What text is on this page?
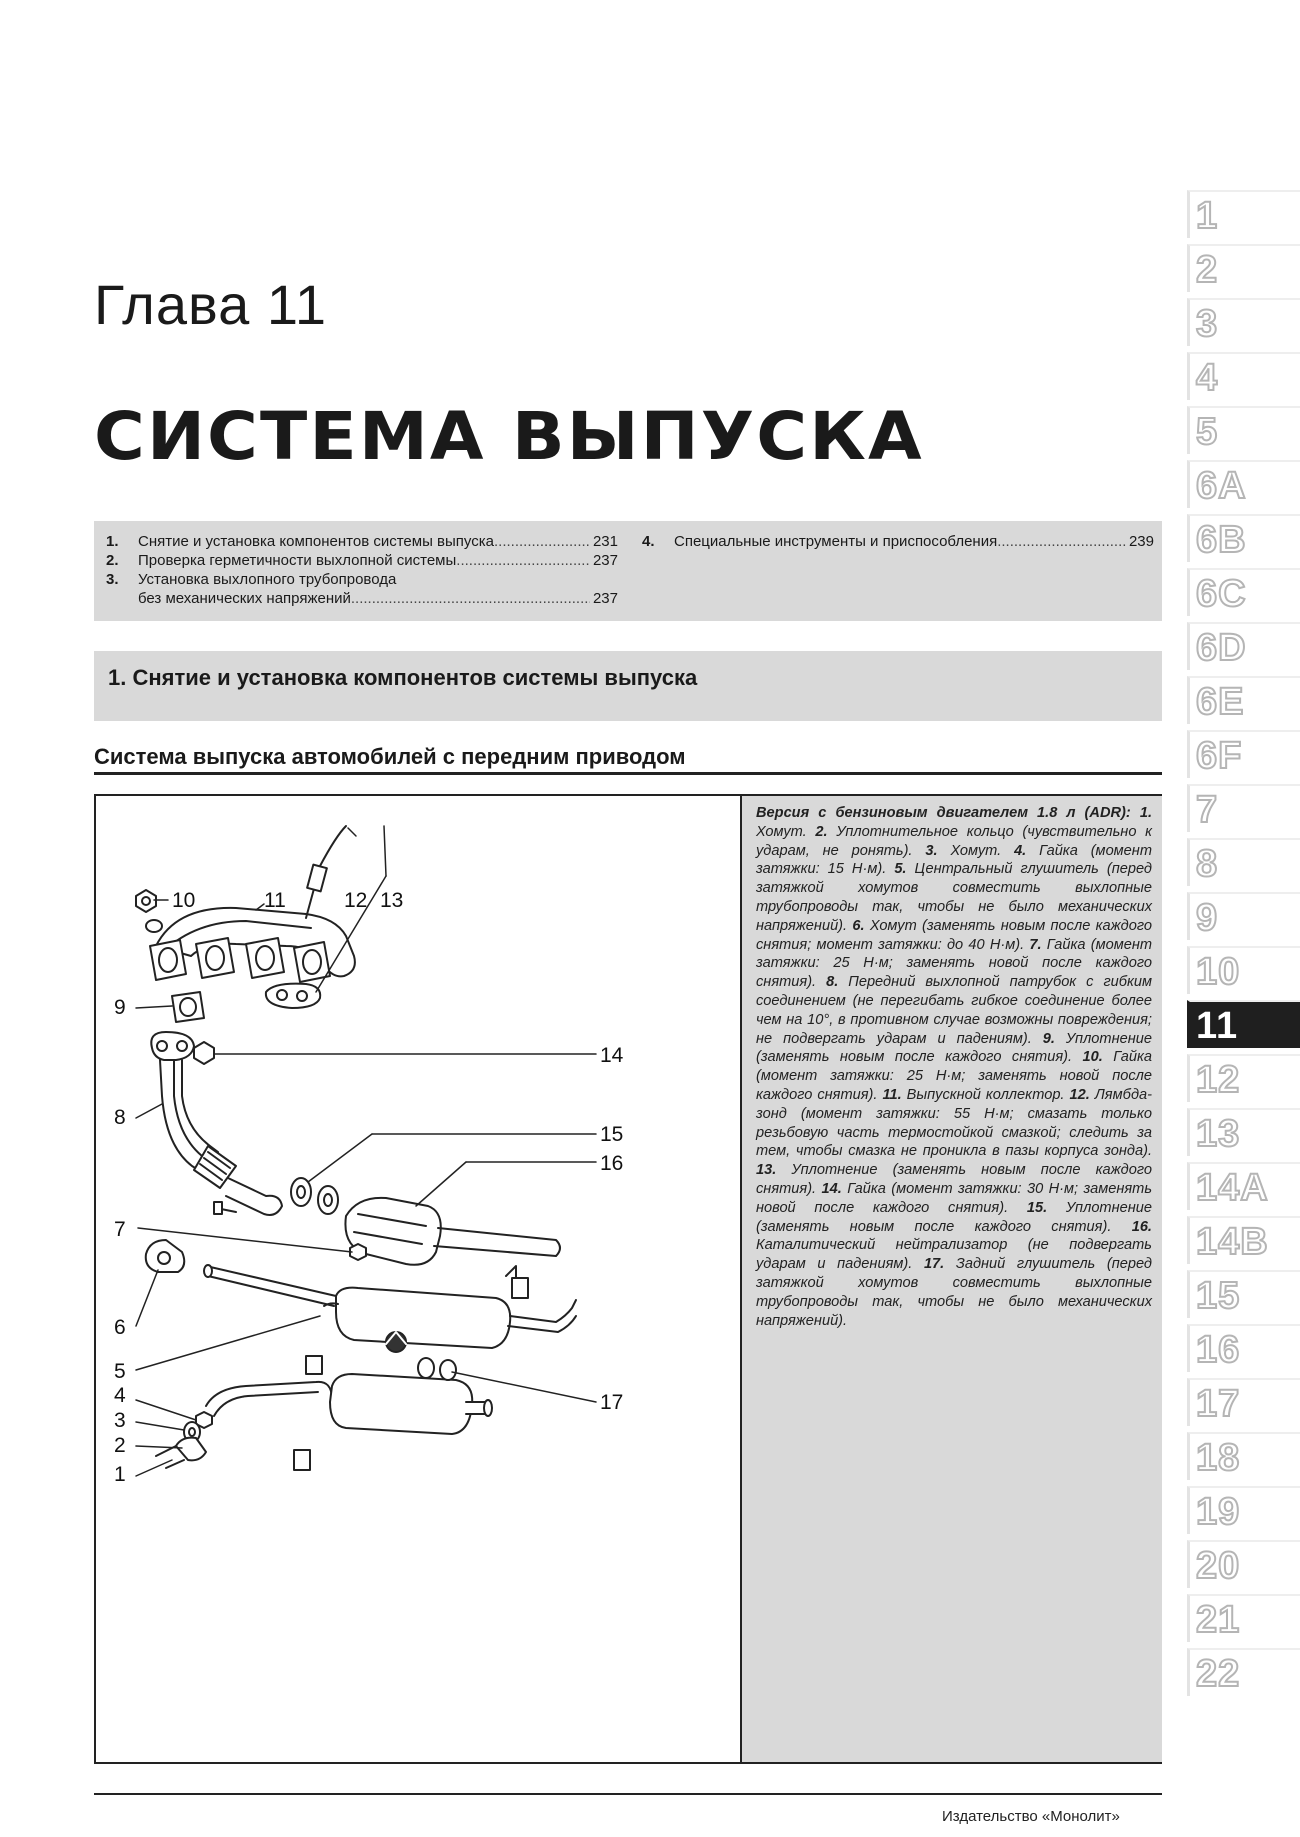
Глава 11
СИСТЕМА ВЫПУСКА
1.	Снятие и установка компонентов системы выпуска .....	231
2.	Проверка герметичности выхлопной системы .....	237
3.	Установка выхлопного трубопровода
без механических напряжений .....	237
4.	Специальные инструменты и приспособления .....	239
1. Снятие и установка компонентов системы выпуска
Система выпуска автомобилей с передним приводом
1
2
3
4
5
6
7
8
9
10	11	12 13
14
15
16
17
Версия с бензиновым двигателем 1.8 л (ADR): 1. Хомут. 2. Уплотнительное кольцо (чувствительно к ударам, не ронять). 3. Хомут. 4. Гайка (момент затяжки: 15 Н·м). 5. Центральный глушитель (перед затяжкой хомутов совместить выхлопные трубопроводы так, чтобы не было механических напряжений). 6. Хомут (заменять новым после каждого снятия; момент затяжки: до 40 Н·м). 7. Гайка (момент затяжки: 25 Н·м; заменять новой после каждого снятия). 8. Передний выхлопной патрубок с гибким соединением (не перегибать гибкое соединение более чем на 10°, в противном случае возможны повреждения; не подвергать ударам и падениям). 9. Уплотнение (заменять новым после каждого снятия). 10. Гайка (момент затяжки: 25 Н·м; заменять новой после каждого снятия). 11. Выпускной коллектор. 12. Лямбда-зонд (момент затяжки: 55 Н·м; смазать только резьбовую часть термостойкой смазкой; следить за тем, чтобы смазка не проникла в пазы корпуса зонда). 13. Уплотнение (заменять новым после каждого снятия). 14. Гайка (момент затяжки: 30 Н·м; заменять новой после каждого снятия). 15. Уплотнение (заменять новым после каждого снятия). 16. Каталитический нейтрализатор (не подвергать ударам и падениям). 17. Задний глушитель (перед затяжкой хомутов совместить выхлопные трубопроводы так, чтобы не было механических напряжений).
Издательство «Монолит»
1
2
3
4
5
6A
6B
6C
6D
6E
6F
7
8
9
10
11
12
13
14A
14B
15
16
17
18
19
20
21
22
